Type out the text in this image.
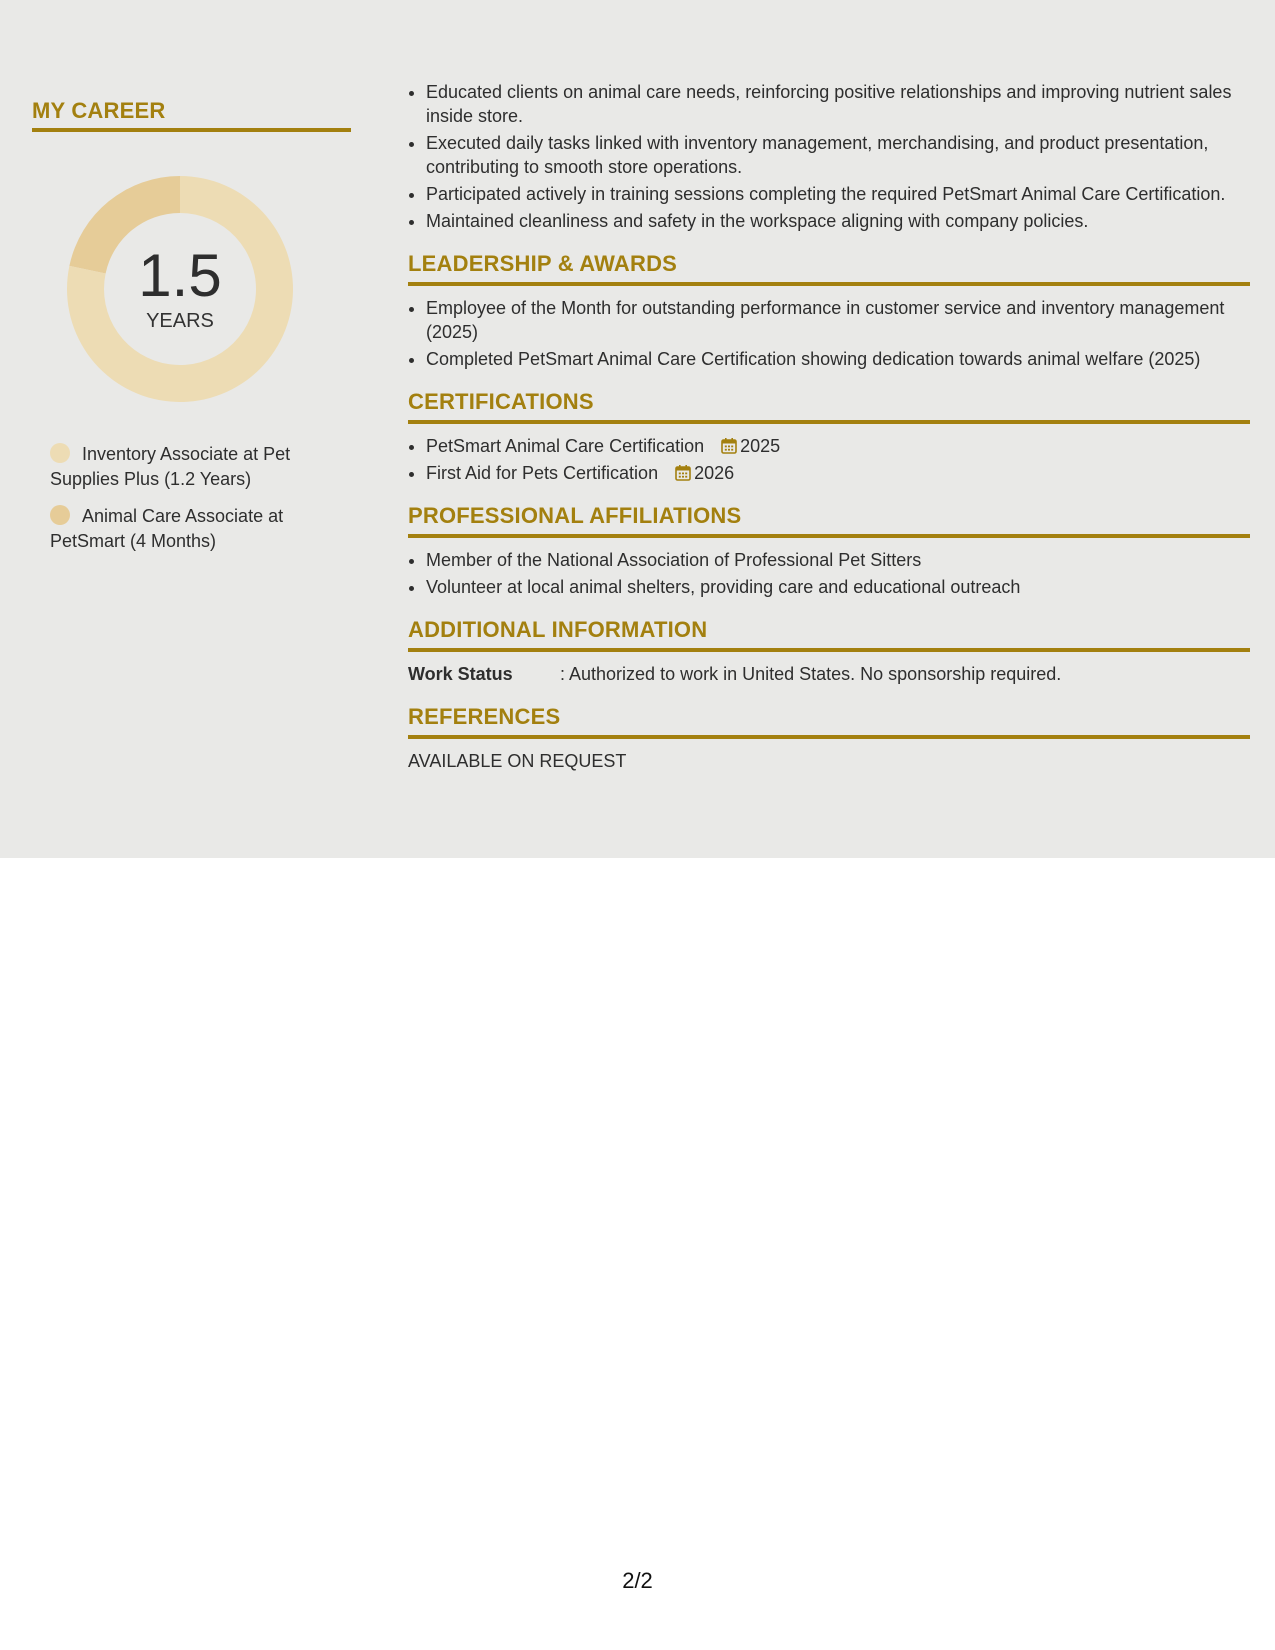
MY CAREER
1.5
YEARS
Inventory Associate at Pet Supplies Plus (1.2 Years)
Animal Care Associate at PetSmart (4 Months)
• Educated clients on animal care needs, reinforcing positive relationships and improving nutrient sales inside store.
• Executed daily tasks linked with inventory management, merchandising, and product presentation, contributing to smooth store operations.
• Participated actively in training sessions completing the required PetSmart Animal Care Certification.
• Maintained cleanliness and safety in the workspace aligning with company policies.
LEADERSHIP & AWARDS
• Employee of the Month for outstanding performance in customer service and inventory management (2025)
• Completed PetSmart Animal Care Certification showing dedication towards animal welfare (2025)
CERTIFICATIONS
• PetSmart Animal Care Certification 2025
• First Aid for Pets Certification 2026
PROFESSIONAL AFFILIATIONS
• Member of the National Association of Professional Pet Sitters
• Volunteer at local animal shelters, providing care and educational outreach
ADDITIONAL INFORMATION
Work Status	: Authorized to work in United States. No sponsorship required.
REFERENCES
AVAILABLE ON REQUEST
2/2
